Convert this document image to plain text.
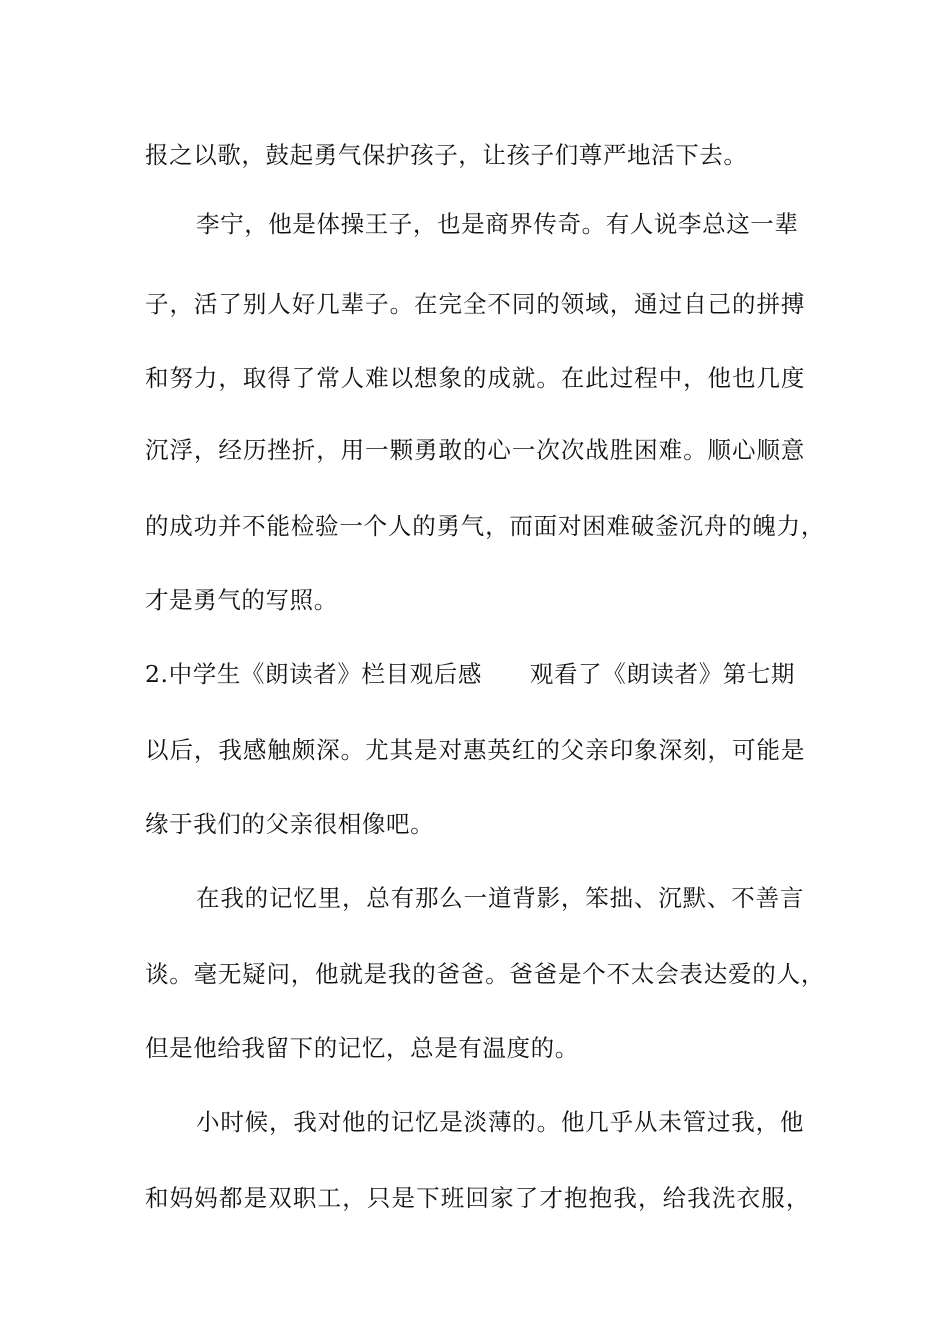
报之以歌，鼓起勇气保护孩子，让孩子们尊严地活下去。
李宁，他是体操王子，也是商界传奇。有人说李总这一辈
子，活了别人好几辈子。在完全不同的领域，通过自己的拼搏
和努力，取得了常人难以想象的成就。在此过程中，他也几度
沉浮，经历挫折，用一颗勇敢的心一次次战胜困难。顺心顺意
的成功并不能检验一个人的勇气，而面对困难破釜沉舟的魄力，
才是勇气的写照。
2.中学生《朗读者》栏目观后感 观看了《朗读者》第七期
以后，我感触颇深。尤其是对惠英红的父亲印象深刻，可能是
缘于我们的父亲很相像吧。
在我的记忆里，总有那么一道背影，笨拙、沉默、不善言
谈。毫无疑问，他就是我的爸爸。爸爸是个不太会表达爱的人，
但是他给我留下的记忆，总是有温度的。
小时候，我对他的记忆是淡薄的。他几乎从未管过我，他
和妈妈都是双职工，只是下班回家了才抱抱我，给我洗衣服，
